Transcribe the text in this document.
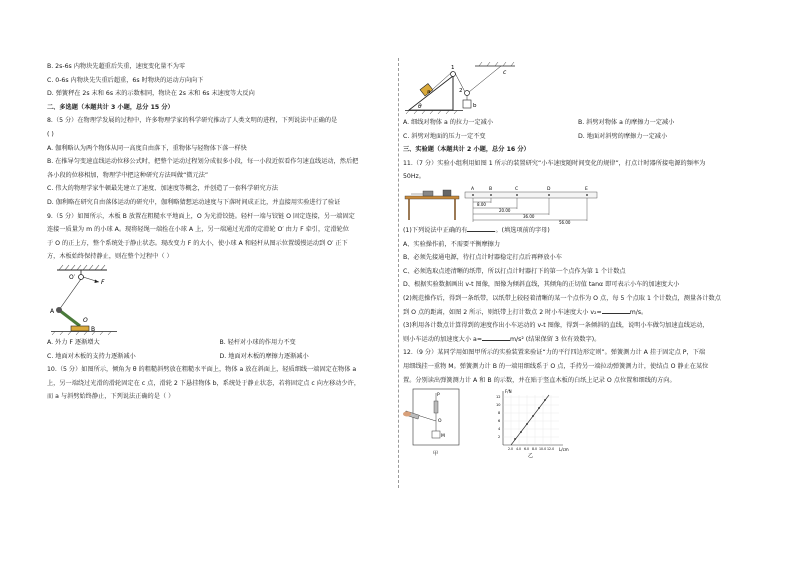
B. 2s-6s 内物块先超重后失重，速度变化量不为零

C. 0-6s 内物块先失重后超重，6s 时物块的运动方向向下

D. 弹簧秤在 2s 末和 6s 末的示数相同，物块在 2s 末和 6s 末速度等大反向

二、多选题（本题共计 3 小题，总分 15 分）

8.（5 分）在物理学发展的过程中，许多物理学家的科学研究推动了人类文明的进程，下列说法中正确的是

( )

A. 伽利略认为两个物体从同一高度自由落下，重物体与轻物体下落一样快

B. 在推导匀变速直线运动位移公式时，把整个运动过程划分成很多小段，每一小段近似看作匀速直线运动，然后把

各小段的位移相加，物理学中把这种研究方法叫做“微元法”

C. 伟大的物理学家牛顿最先建立了速度、加速度等概念，并创造了一套科学研究方法

D. 伽利略在研究自由落体运动的研究中，伽利略猜想运动速度与下落时间成正比，并直接用实验进行了验证

9.（5 分）如图所示，木板 B 放置在粗糙水平地面上，O 为光滑铰链。轻杆一端与铰链 O 固定连接，另一端固定

连接一质量为 m 的小球 A。现将轻绳一端拴在小球 A 上，另一端通过光滑的定滑轮 O′ 由力 F 牵引，定滑轮位

于 O 的正上方，整个系统处于静止状态。现改变力 F 的大小，使小球 A 和轻杆从图示位置缓慢运动到 O′ 正下

方，木板始终保持静止，则在整个过程中（ ）

O′
F
A
O
B
A. 外力 F 逐渐增大	B. 轻杆对小球的作用力不变
C. 地面对木板的支持力逐渐减小	D. 地面对木板的摩擦力逐渐减小

10.（5 分）如图所示，倾角为 θ 的粗糙斜劈放在粗糙水平面上，物体 a 放在斜面上，轻质细线一端固定在物体 a

上，另一端绕过光滑的滑轮固定在 c 点，滑轮 2 下悬挂物体 b，系统处于静止状态，若将固定点 c 向左移动少许，

而 a 与斜劈始终静止，下列说法正确的是（ ）

c
θ
a
1
2
b
A. 细线对物体 a 的拉力一定减小	B. 斜劈对物体 a 的摩擦力一定减小
C. 斜劈对地面的压力一定不变	D. 地面对斜劈的摩擦力一定减小

三、实验题（本题共计 2 小题，总分 16 分）

11.（7 分）实验小组利用如图 1 所示的装置研究“小车速度随时间变化的规律”，打点计时器所接电源的频率为

50Hz。

A	B	C	D	E
8.00
20.00
36.00
56.00

(1)下列说法中正确的有	。(填选项前的字母)

A、实验操作前，不需要平衡摩擦力

B、必须先接通电源，待打点计时器稳定打点后再释放小车

C、必须选取点迹清晰的纸带，所以打点计时器打下的第一个点作为第 1 个计数点

D、根据实验数据画出 v-t 图像，图像为倾斜直线，其倾角的正切值 tanα 即可表示小车的加速度大小

(2)规范操作后，得到一条纸带，以纸带上较轻着清晰的某一个点作为 O 点，每 5 个点取 1 个计数点，测量各计数点

到 O 点的距离，如图 2 所示，则纸带上打计数点 2 时小车速度大小 v₂=	m/s。

(3)利用各计数点计算得到的速度作出小车运动的 v-t 图像，得到一条倾斜的直线，说明小车做匀加速直线运动，

则小车运动的加速度大小 a=	m/s² (结果保留 3 位有效数字)。

12.（9 分）某同学用如图甲所示的实验装置来验证“力的平行四边形定则”。弹簧测力计 A 挂于固定点 P，下端

用细线挂一重物 M。弹簧测力计 B 的一端用细线系于 O 点，手持另一端拉动弹簧测力计，使结点 O 静止在某位

置。分别读出弹簧测力计 A 和 B 的示数，并在贴于竖直木板的白纸上记录 O 点位置和细线的方向。

P
O
M
甲
F/N
L/cm
2
4
6
8
10
12
2.0 4.0 6.0 8.0 10.0 12.0
乙
